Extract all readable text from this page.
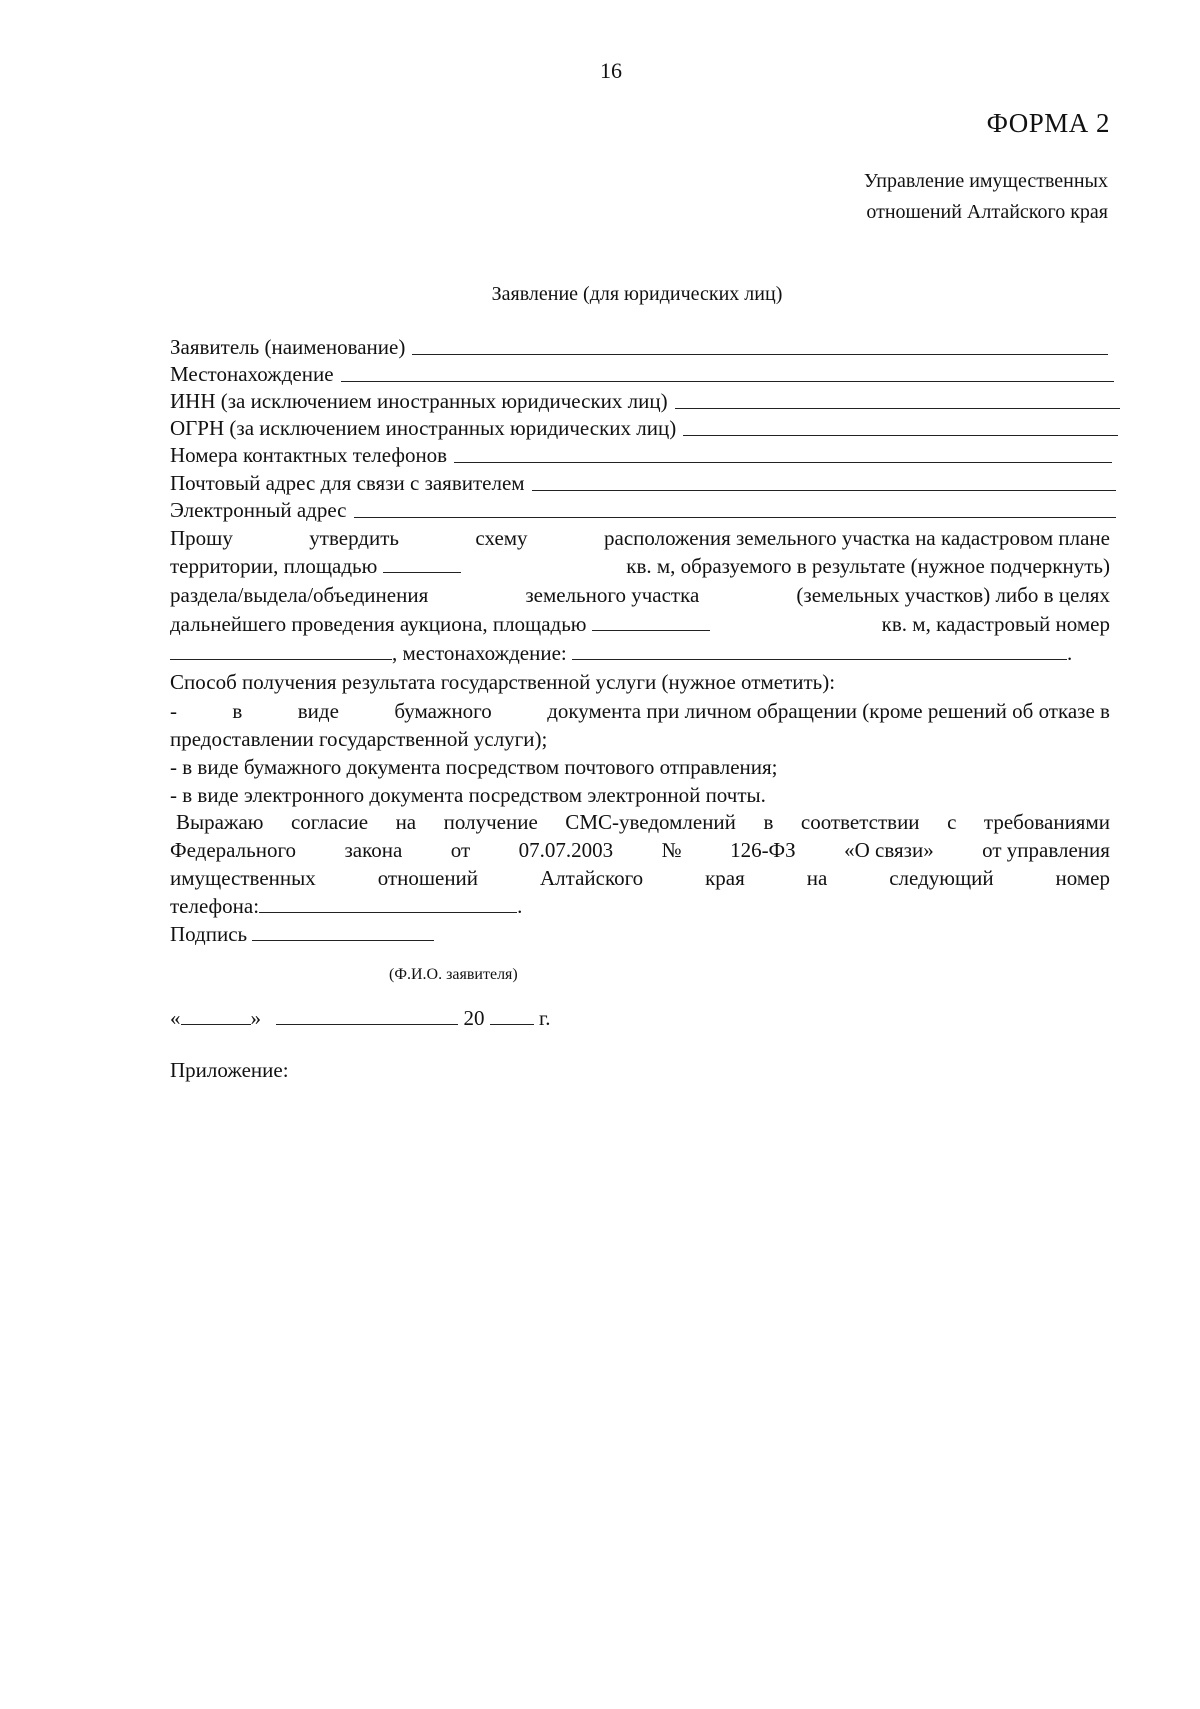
16
ФОРМА 2
Управление имущественных
отношений Алтайского края
Заявление (для юридических лиц)
Заявитель (наименование)
Местонахождение
ИНН (за исключением иностранных юридических лиц)
ОГРН (за исключением иностранных юридических лиц)
Номера контактных телефонов
Почтовый адрес для связи с заявителем
Электронный адрес
Прошу	утвердить	схему	расположения земельного участка на кадастровом плане
территории, площадью	кв. м, образуемого в результате (нужное подчеркнуть)
раздела/выдела/объединения	земельного участка	(земельных участков) либо в целях
дальнейшего проведения аукциона, площадью	кв. м, кадастровый номер
, местонахождение:	.
Способ получения результата государственной услуги (нужное отметить):
-	в	виде	бумажного	документа при личном обращении (кроме решений об отказе в
предоставлении государственной услуги);
- в виде бумажного документа посредством почтового отправления;
- в виде электронного документа посредством электронной почты.
Выражаю согласие на получение СМС-уведомлений в соответствии с требованиями
Федерального закона от 07.07.2003 № 126-ФЗ «О связи» от управления
имущественных	отношений	Алтайского	края	на	следующий	номер
телефона:	.
Подпись
(Ф.И.О. заявителя)
«	»	20	г.
Приложение:
